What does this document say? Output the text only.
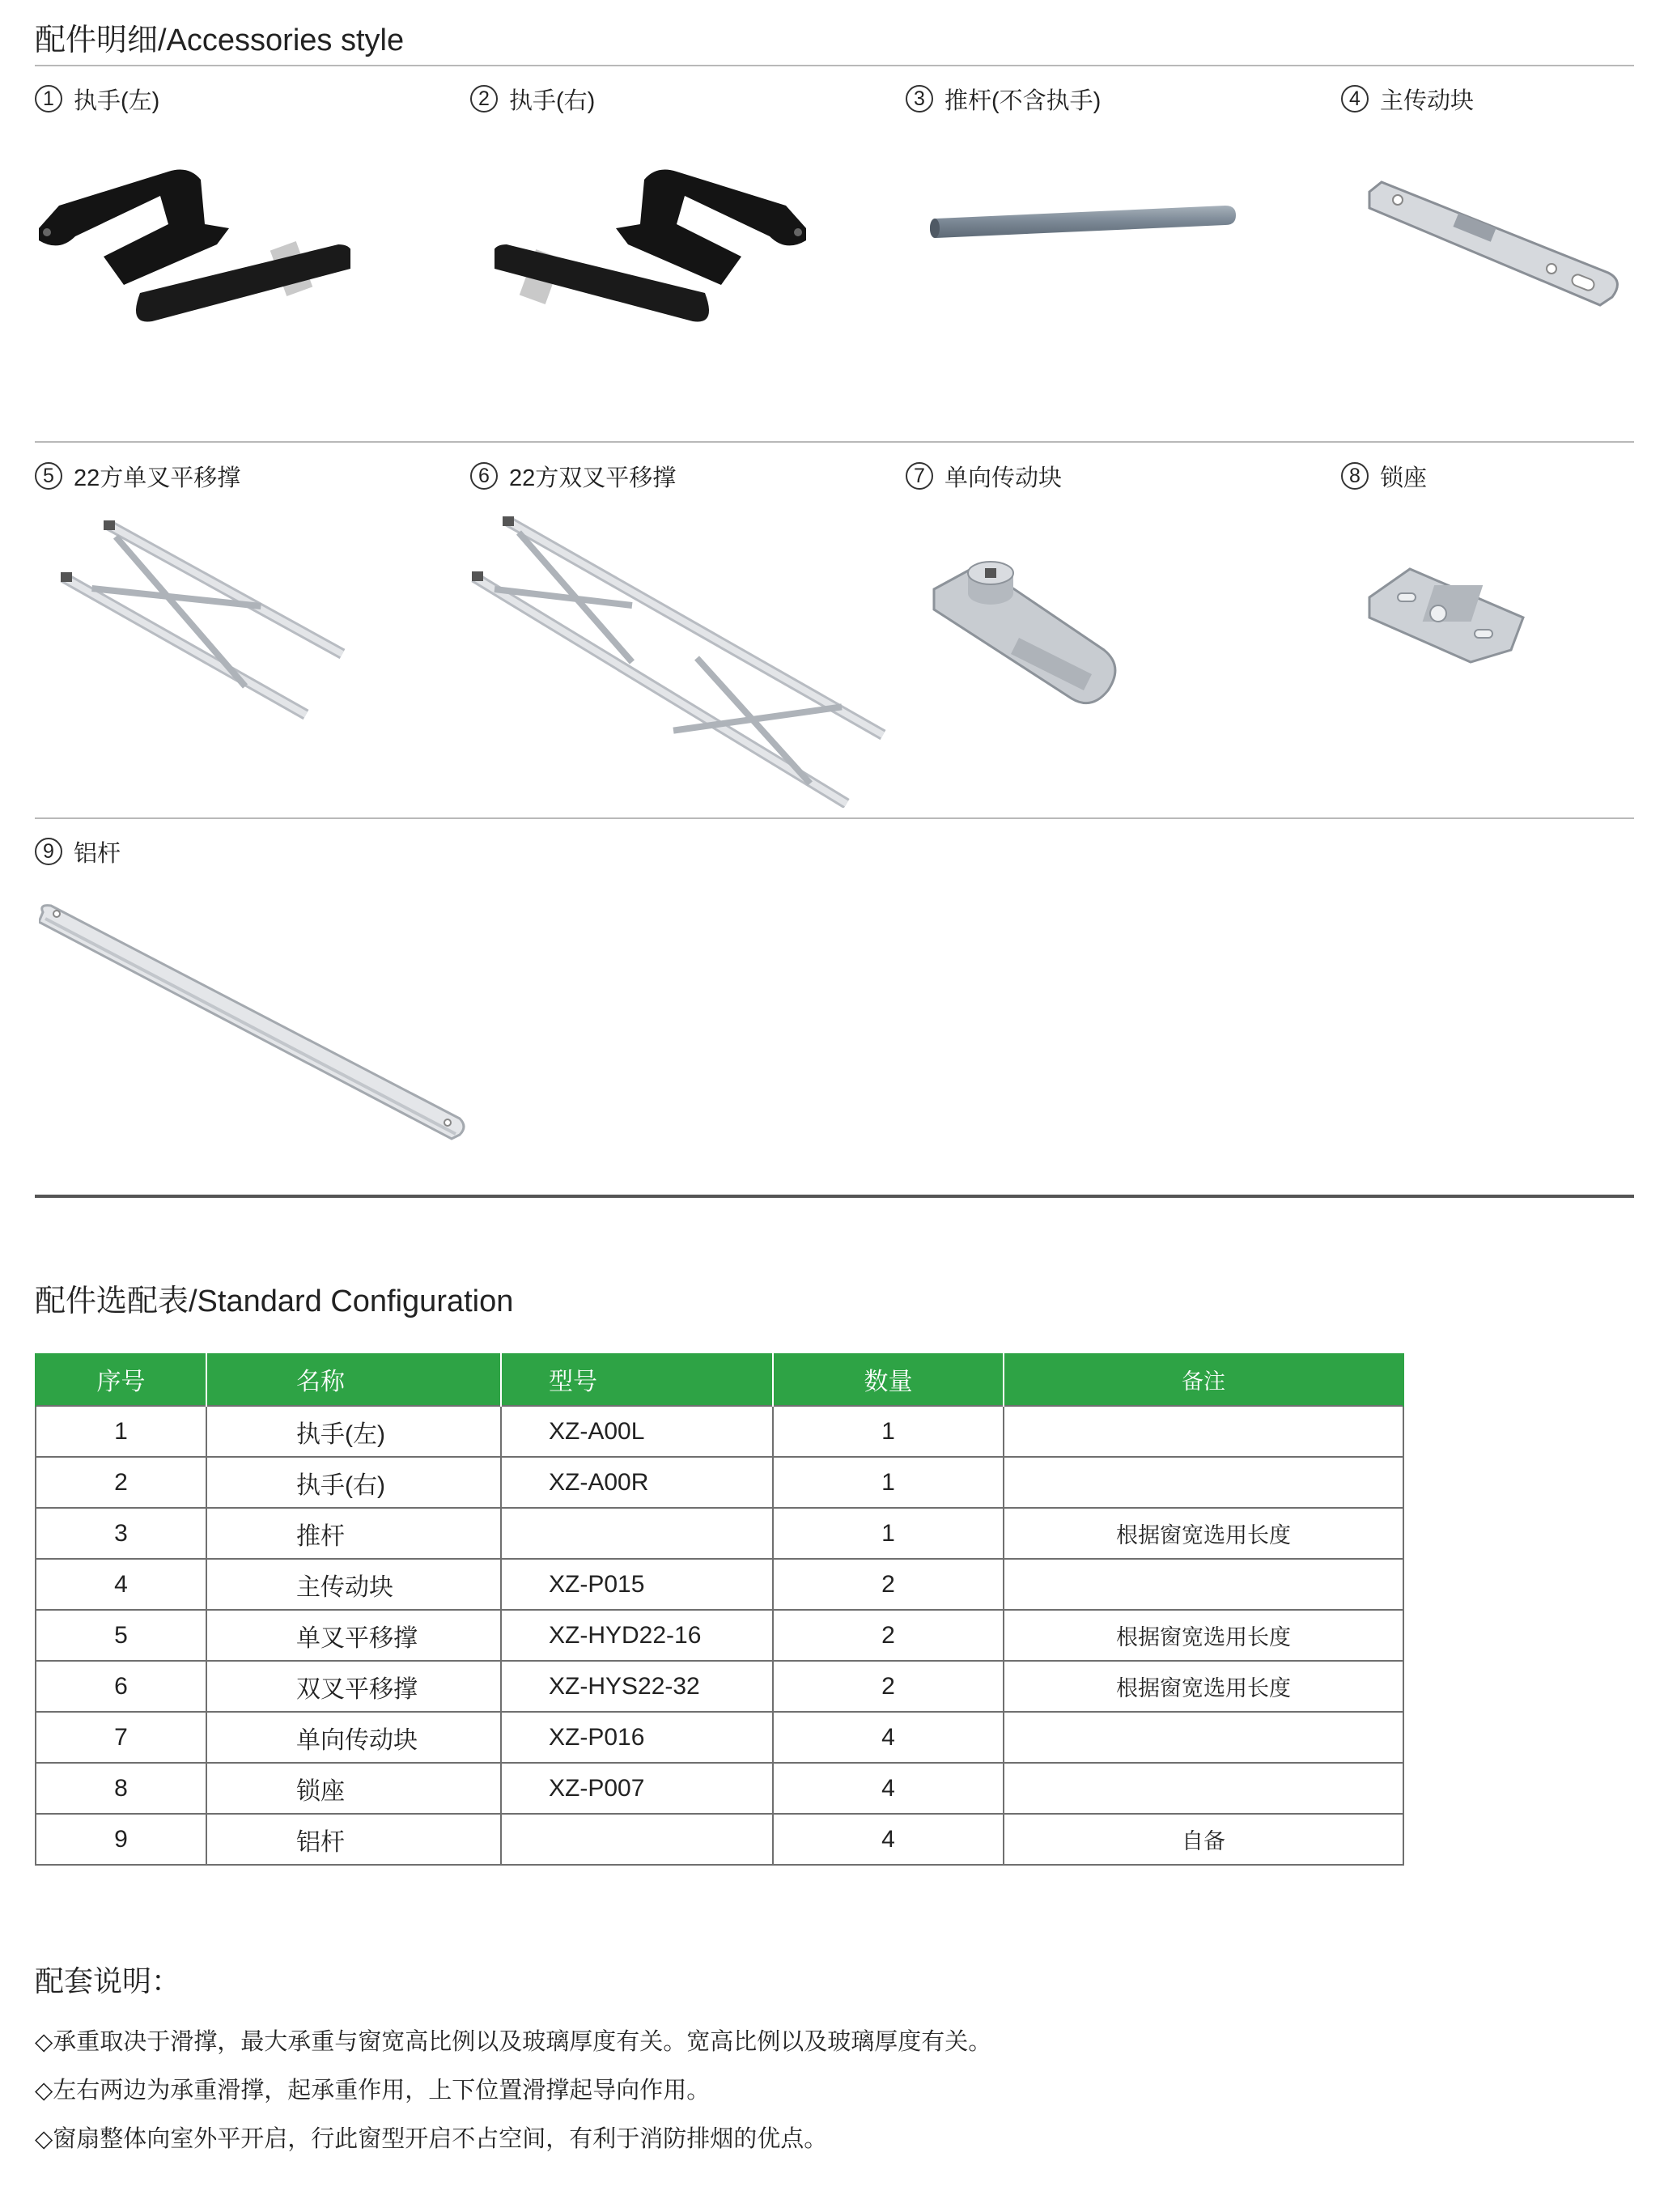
配件明细/Accessories style
1 执手(左)	2 执手(右)	3 推杆(不含执手)	4 主传动块
5 22方单叉平移撑	6 22方双叉平移撑	7 单向传动块	8 锁座
9 铝杆
配件选配表/Standard Configuration
序号	名称	型号	数量	备注
1	执手(左)	XZ-A00L	1	
2	执手(右)	XZ-A00R	1	
3	推杆		1	根据窗宽选用长度
4	主传动块	XZ-P015	2	
5	单叉平移撑	XZ-HYD22-16	2	根据窗宽选用长度
6	双叉平移撑	XZ-HYS22-32	2	根据窗宽选用长度
7	单向传动块	XZ-P016	4	
8	锁座	XZ-P007	4	
9	铝杆		4	自备
配套说明：
◇承重取决于滑撑，最大承重与窗宽高比例以及玻璃厚度有关。宽高比例以及玻璃厚度有关。
◇左右两边为承重滑撑，起承重作用，上下位置滑撑起导向作用。
◇窗扇整体向室外平开启，行此窗型开启不占空间，有利于消防排烟的优点。
